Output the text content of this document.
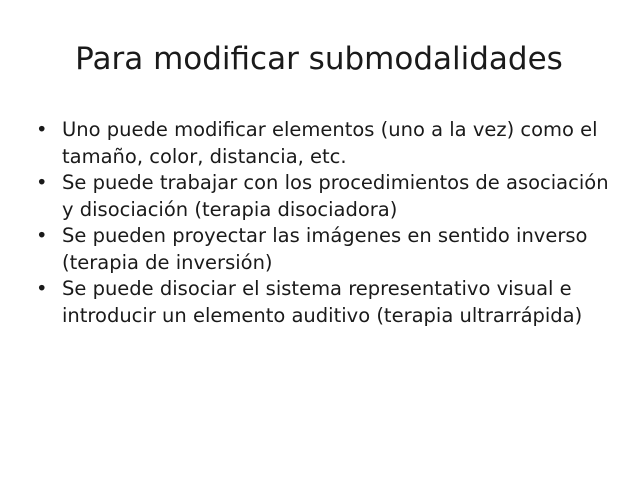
Para modificar submodalidades
• Uno puede modificar elementos (uno a la vez) como el tamaño, color, distancia, etc.
• Se puede trabajar con los procedimientos de asociación y disociación (terapia disociadora)
• Se pueden proyectar las imágenes en sentido inverso (terapia de inversión)
• Se puede disociar el sistema representativo visual e introducir un elemento auditivo (terapia ultrarrápida)
